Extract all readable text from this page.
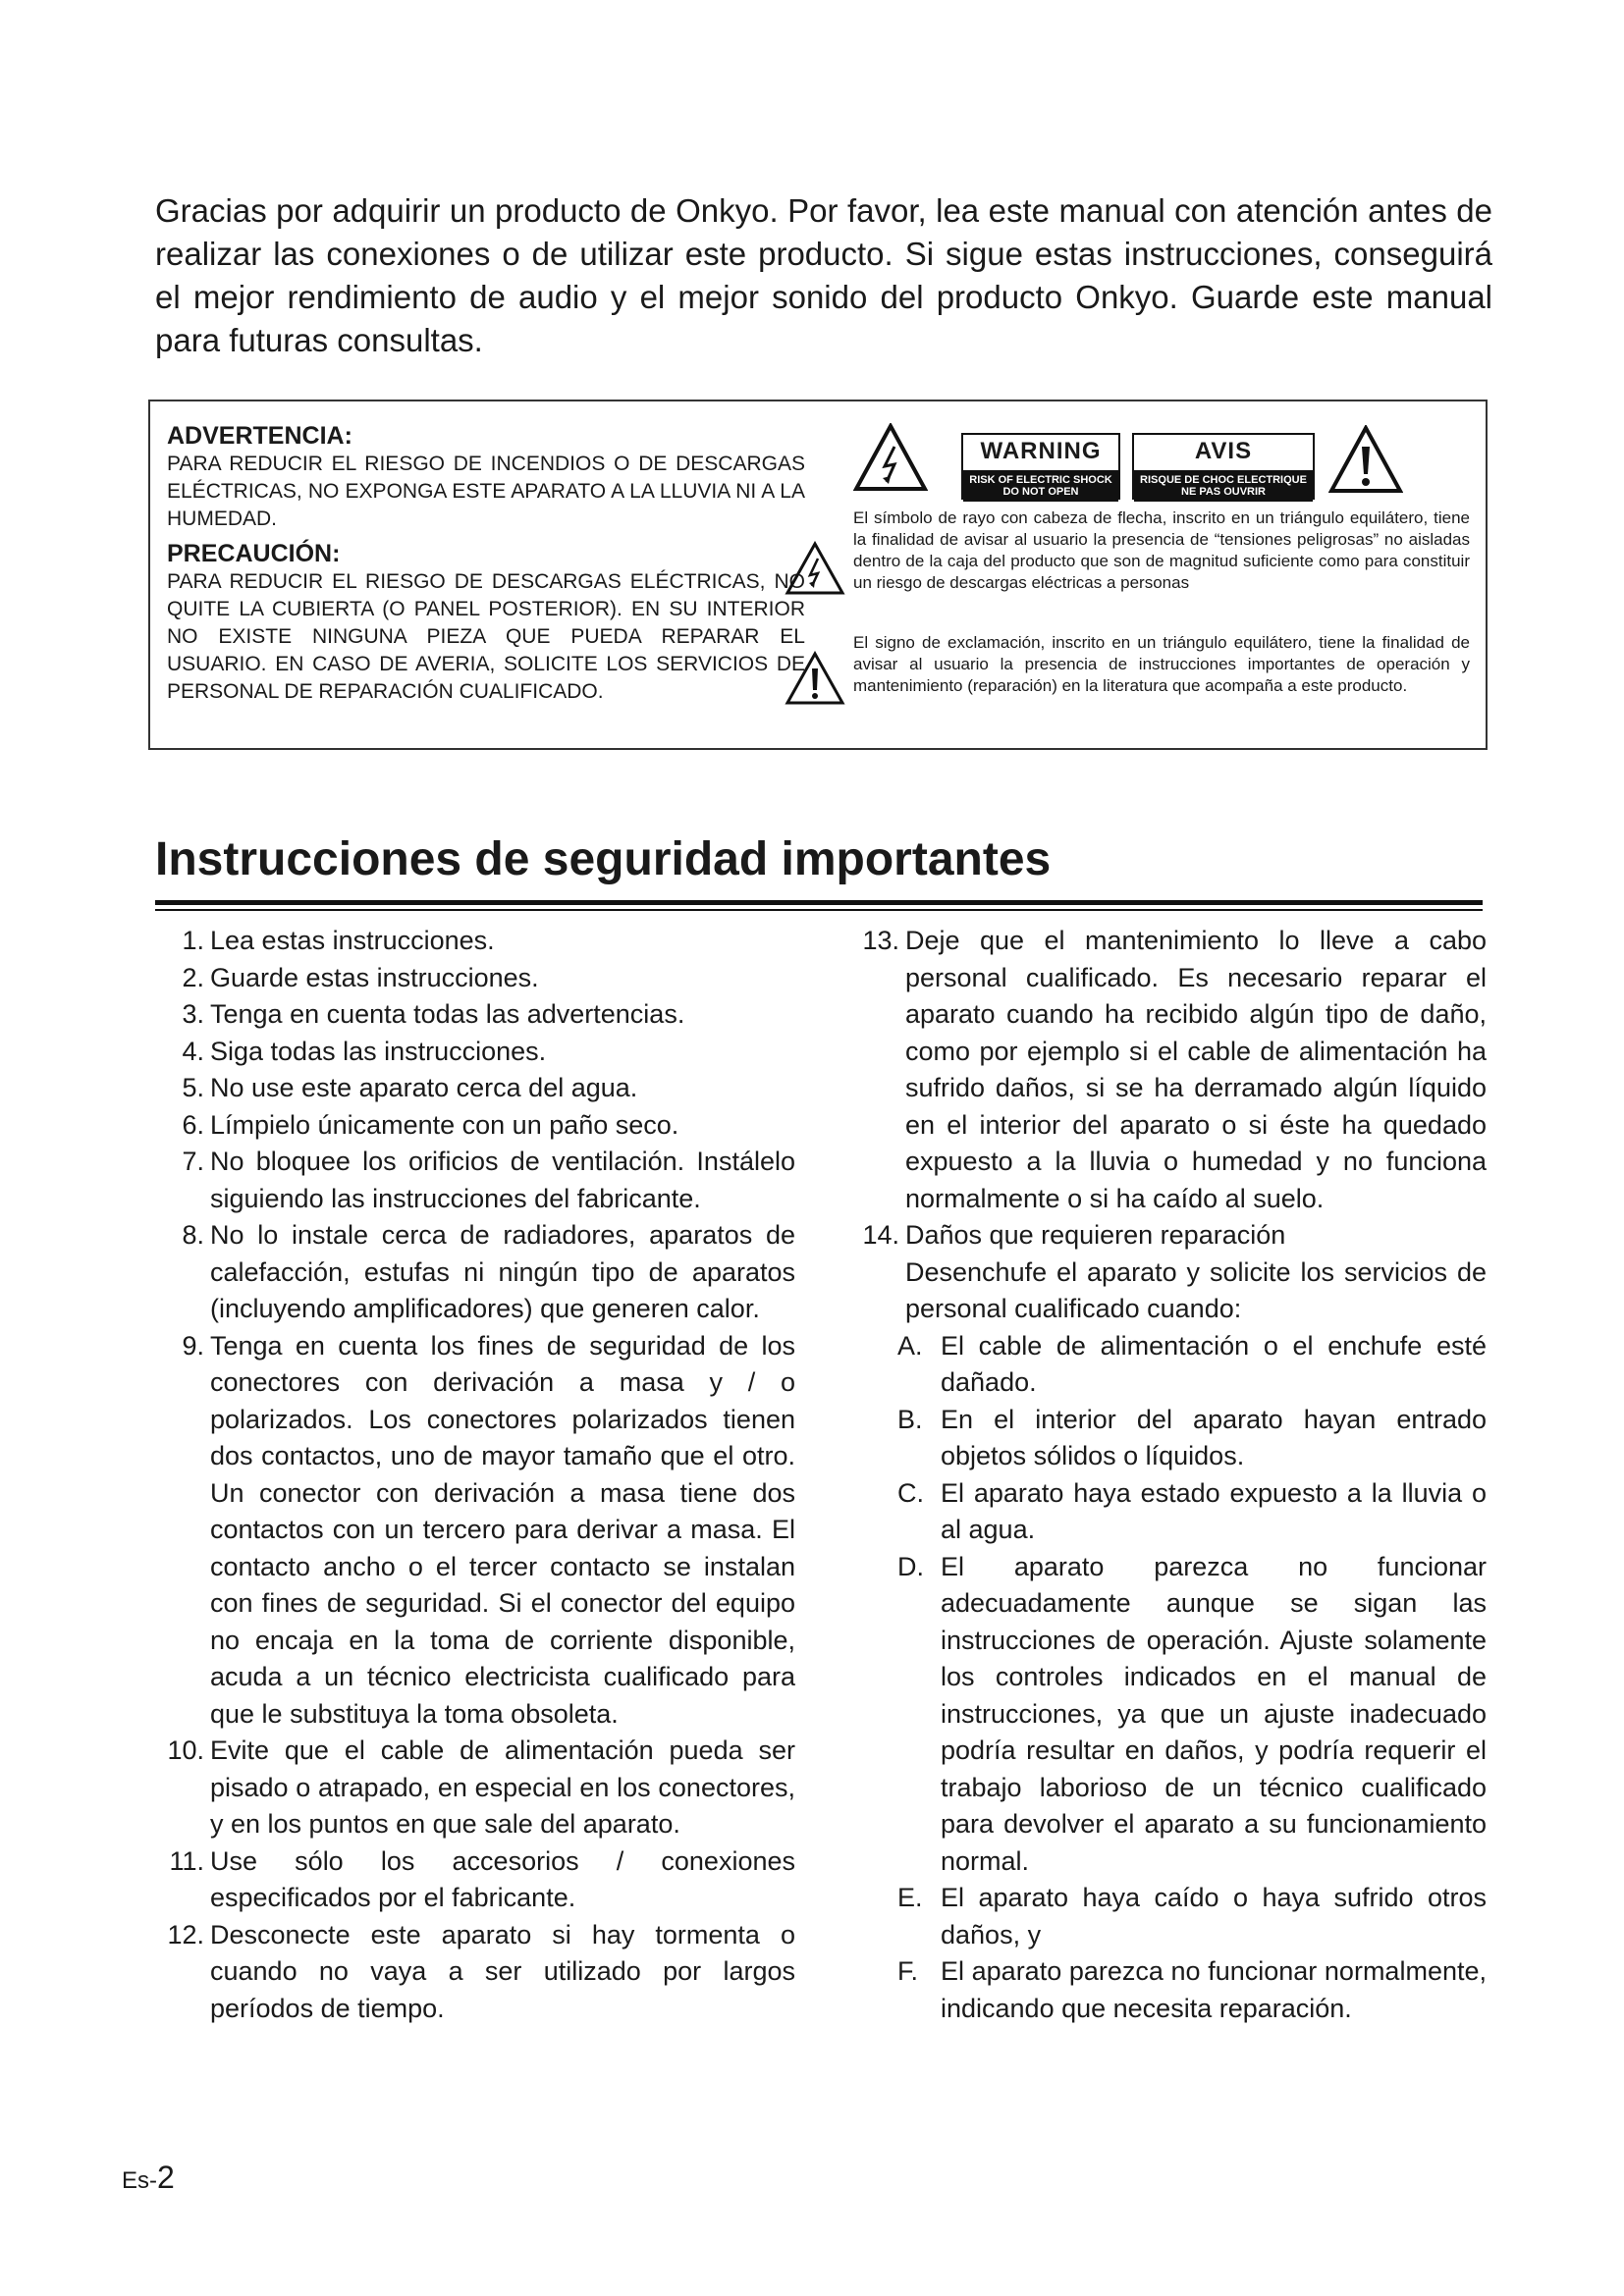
Gracias por adquirir un producto de Onkyo. Por favor, lea este manual con atención antes de realizar las conexiones o de utilizar este producto. Si sigue estas instrucciones, conseguirá el mejor rendimiento de audio y el mejor sonido del producto Onkyo. Guarde este manual para futuras consultas.

ADVERTENCIA:
PARA REDUCIR EL RIESGO DE INCENDIOS O DE DESCARGAS ELÉCTRICAS, NO EXPONGA ESTE APARATO A LA LLUVIA NI A LA HUMEDAD.
PRECAUCIÓN:
PARA REDUCIR EL RIESGO DE DESCARGAS ELÉCTRICAS, NO QUITE LA CUBIERTA (O PANEL POSTERIOR). EN SU INTERIOR NO EXISTE NINGUNA PIEZA QUE PUEDA REPARAR EL USUARIO. EN CASO DE AVERIA, SOLICITE LOS SERVICIOS DE PERSONAL DE REPARACIÓN CUALIFICADO.
WARNING
RISK OF ELECTRIC SHOCK
DO NOT OPEN
AVIS
RISQUE DE CHOC ELECTRIQUE
NE PAS OUVRIR

El símbolo de rayo con cabeza de flecha, inscrito en un triángulo equilátero, tiene la finalidad de avisar al usuario la presencia de “tensiones peligrosas” no aisladas dentro de la caja del producto que son de magnitud suficiente como para constituir un riesgo de descargas eléctricas a personas

El signo de exclamación, inscrito en un triángulo equilátero, tiene la finalidad de avisar al usuario la presencia de instrucciones importantes de operación y mantenimiento (reparación) en la literatura que acompaña a este producto.

Instrucciones de seguridad importantes
1. Lea estas instrucciones.
2. Guarde estas instrucciones.
3. Tenga en cuenta todas las advertencias.
4. Siga todas las instrucciones.
5. No use este aparato cerca del agua.
6. Límpielo únicamente con un paño seco.
7. No bloquee los orificios de ventilación. Instálelo siguiendo las instrucciones del fabricante.
8. No lo instale cerca de radiadores, aparatos de calefacción, estufas ni ningún tipo de aparatos (incluyendo amplificadores) que generen calor.
9. Tenga en cuenta los fines de seguridad de los conectores con derivación a masa y / o polarizados. Los conectores polarizados tienen dos contactos, uno de mayor tamaño que el otro. Un conector con derivación a masa tiene dos contactos con un tercero para derivar a masa. El contacto ancho o el tercer contacto se instalan con fines de seguridad. Si el conector del equipo no encaja en la toma de corriente disponible, acuda a un técnico electricista cualificado para que le substituya la toma obsoleta.
10. Evite que el cable de alimentación pueda ser pisado o atrapado, en especial en los conectores, y en los puntos en que sale del aparato.
11. Use sólo los accesorios / conexiones especificados por el fabricante.
12. Desconecte este aparato si hay tormenta o cuando no vaya a ser utilizado por largos períodos de tiempo.
13. Deje que el mantenimiento lo lleve a cabo personal cualificado. Es necesario reparar el aparato cuando ha recibido algún tipo de daño, como por ejemplo si el cable de alimentación ha sufrido daños, si se ha derramado algún líquido en el interior del aparato o si éste ha quedado expuesto a la lluvia o humedad y no funciona normalmente o si ha caído al suelo.
14. Daños que requieren reparación
Desenchufe el aparato y solicite los servicios de personal cualificado cuando:
A. El cable de alimentación o el enchufe esté dañado.
B. En el interior del aparato hayan entrado objetos sólidos o líquidos.
C. El aparato haya estado expuesto a la lluvia o al agua.
D. El aparato parezca no funcionar adecuadamente aunque se sigan las instrucciones de operación. Ajuste solamente los controles indicados en el manual de instrucciones, ya que un ajuste inadecuado podría resultar en daños, y podría requerir el trabajo laborioso de un técnico cualificado para devolver el aparato a su funcionamiento normal.
E. El aparato haya caído o haya sufrido otros daños, y
F. El aparato parezca no funcionar normalmente, indicando que necesita reparación.
Es-2
